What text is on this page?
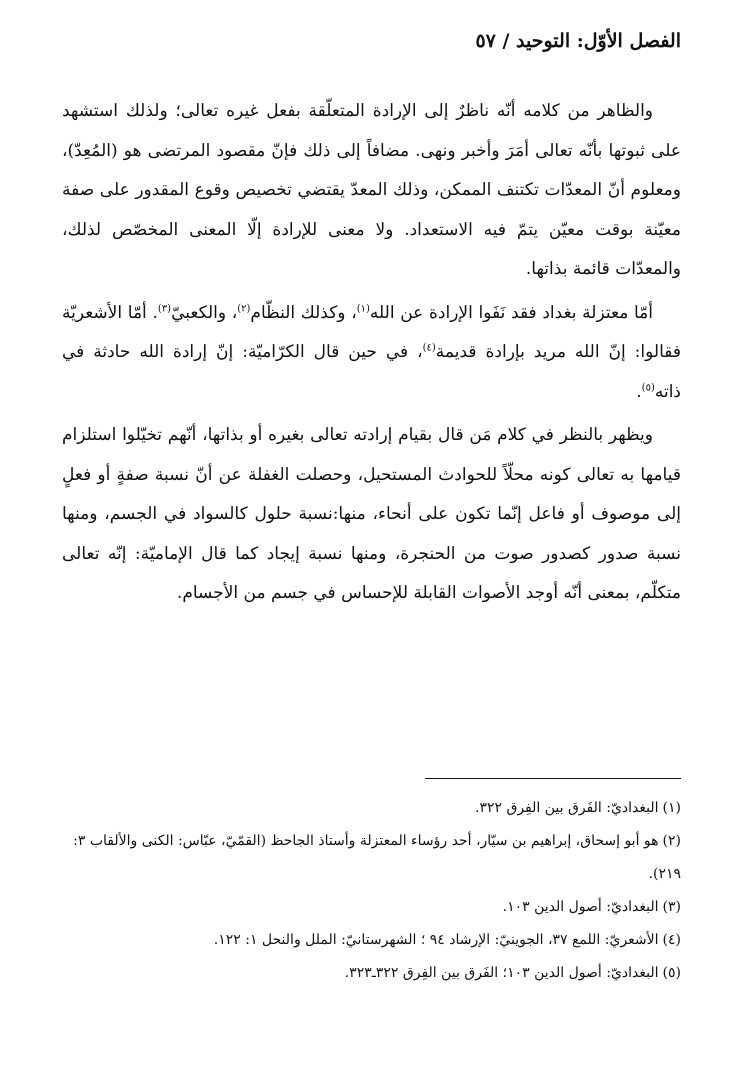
الفصل الأوّل: التوحيد / ٥٧

والظاهر من كلامه أنّه ناظرٌ إلى الإرادة المتعلّقة بفعل غيره تعالى؛ ولذلك استشهد على ثبوتها بأنّه تعالى أمَرَ وأخبر ونهى. مضافاً إلى ذلك فإنّ مقصود المرتضى هو (المُعِدّ)، ومعلوم أنّ المعدّات تكتنف الممكن، وذلك المعدّ يقتضي تخصيص وقوع المقدور على صفة معيّنة بوقت معيّن يتمّ فيه الاستعداد. ولا معنى للإرادة إلّا المعنى المخصّص لذلك، والمعدّات قائمة بذاتها.

أمّا معتزلة بغداد فقد نَفَوا الإرادة عن الله$^{(١)}$، وكذلك النظّام$^{(٢)}$، والكعبيّ$^{(٣)}$. أمّا الأشعريّة فقالوا: إنّ الله مريد بإرادة قديمة$^{(٤)}$، في حين قال الكرّاميّة: إنّ إرادة الله حادثة في ذاته$^{(٥)}$.

ويظهر بالنظر في كلام مَن قال بقيام إرادته تعالى بغيره أو بذاتها، أنّهم تخيّلوا استلزام قيامها به تعالى كونه محلّاً للحوادث المستحيل، وحصلت الغفلة عن أنّ نسبة صفةٍ أو فعلٍ إلى موصوف أو فاعل إنّما تكون على أنحاء، منها:نسبة حلول كالسواد في الجسم، ومنها نسبة صدور كصدور صوت من الحنجرة، ومنها نسبة إيجاد كما قال الإماميّة: إنّه تعالى متكلّم، بمعنى أنّه أوجد الأصوات القابلة للإحساس في جسم من الأجسام.

(١)البغداديّ: الفَرق بين الفِرق ٣٢٢.

(٢)هو أبو إسحاق، إبراهيم بن سيّار، أحد رؤساء المعتزلة وأستاذ الجاحظ (القمّيّ، عبّاس: الكنى والألقاب ٣: ٢١٩).

(٣)البغداديّ: أصول الدين ١٠٣.

(٤)الأشعريّ: اللمع ٣٧، الجوينيّ: الإرشاد ٩٤ ؛ الشهرستانيّ: الملل والنحل ١: ١٢٢.

(٥)البغداديّ: أصول الدين ١٠٣؛ الفَرق بين الفِرق ٣٢٢ـ٣٢٣.
